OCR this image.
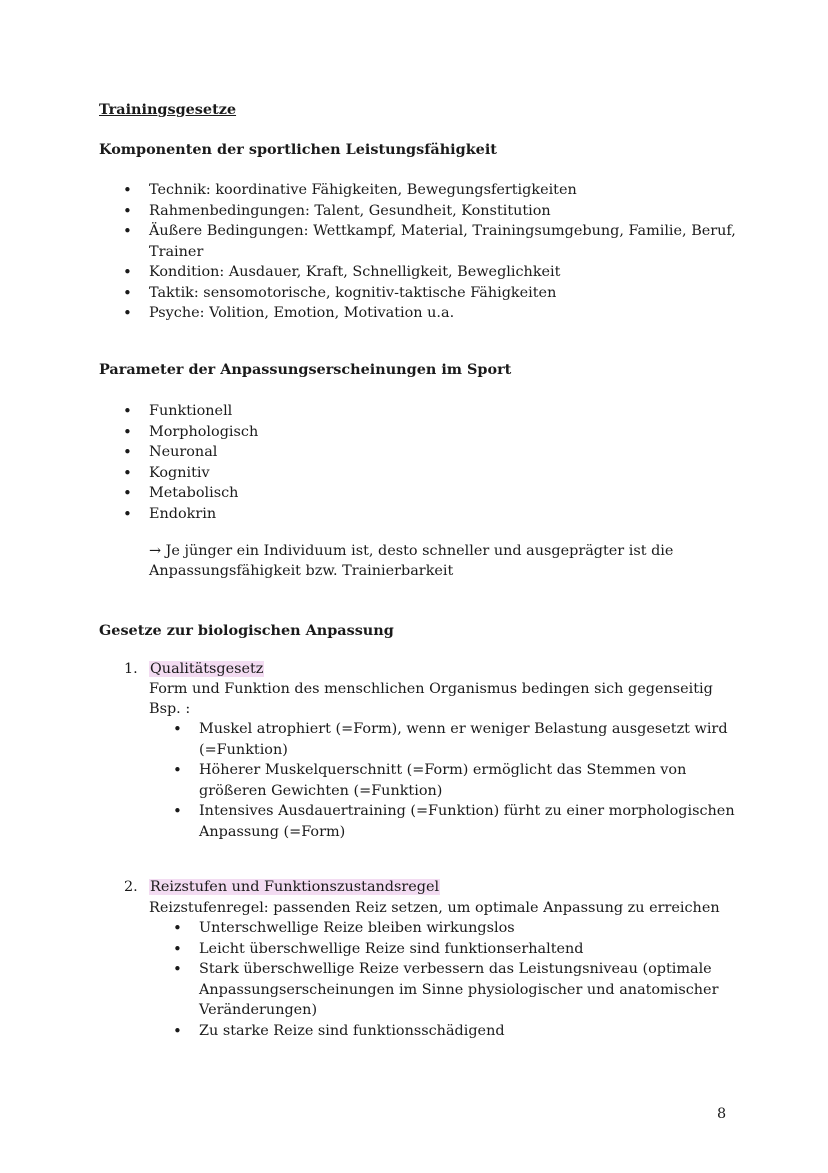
Trainingsgesetze
Komponenten der sportlichen Leistungsfähigkeit
• Technik: koordinative Fähigkeiten, Bewegungsfertigkeiten
• Rahmenbedingungen: Talent, Gesundheit, Konstitution
• Äußere Bedingungen: Wettkampf, Material, Trainingsumgebung, Familie, Beruf,
Trainer
• Kondition: Ausdauer, Kraft, Schnelligkeit, Beweglichkeit
• Taktik: sensomotorische, kognitiv-taktische Fähigkeiten
• Psyche: Volition, Emotion, Motivation u.a.
Parameter der Anpassungserscheinungen im Sport
• Funktionell
• Morphologisch
• Neuronal
• Kognitiv
• Metabolisch
• Endokrin
→ Je jünger ein Individuum ist, desto schneller und ausgeprägter ist die
Anpassungsfähigkeit bzw. Trainierbarkeit
Gesetze zur biologischen Anpassung
1. Qualitätsgesetz
Form und Funktion des menschlichen Organismus bedingen sich gegenseitig
Bsp. :
• Muskel atrophiert (=Form), wenn er weniger Belastung ausgesetzt wird
(=Funktion)
• Höherer Muskelquerschnitt (=Form) ermöglicht das Stemmen von
größeren Gewichten (=Funktion)
• Intensives Ausdauertraining (=Funktion) fürht zu einer morphologischen
Anpassung (=Form)
2. Reizstufen und Funktionszustandsregel
Reizstufenregel: passenden Reiz setzen, um optimale Anpassung zu erreichen
• Unterschwellige Reize bleiben wirkungslos
• Leicht überschwellige Reize sind funktionserhaltend
• Stark überschwellige Reize verbessern das Leistungsniveau (optimale
Anpassungserscheinungen im Sinne physiologischer und anatomischer
Veränderungen)
• Zu starke Reize sind funktionsschädigend
8
